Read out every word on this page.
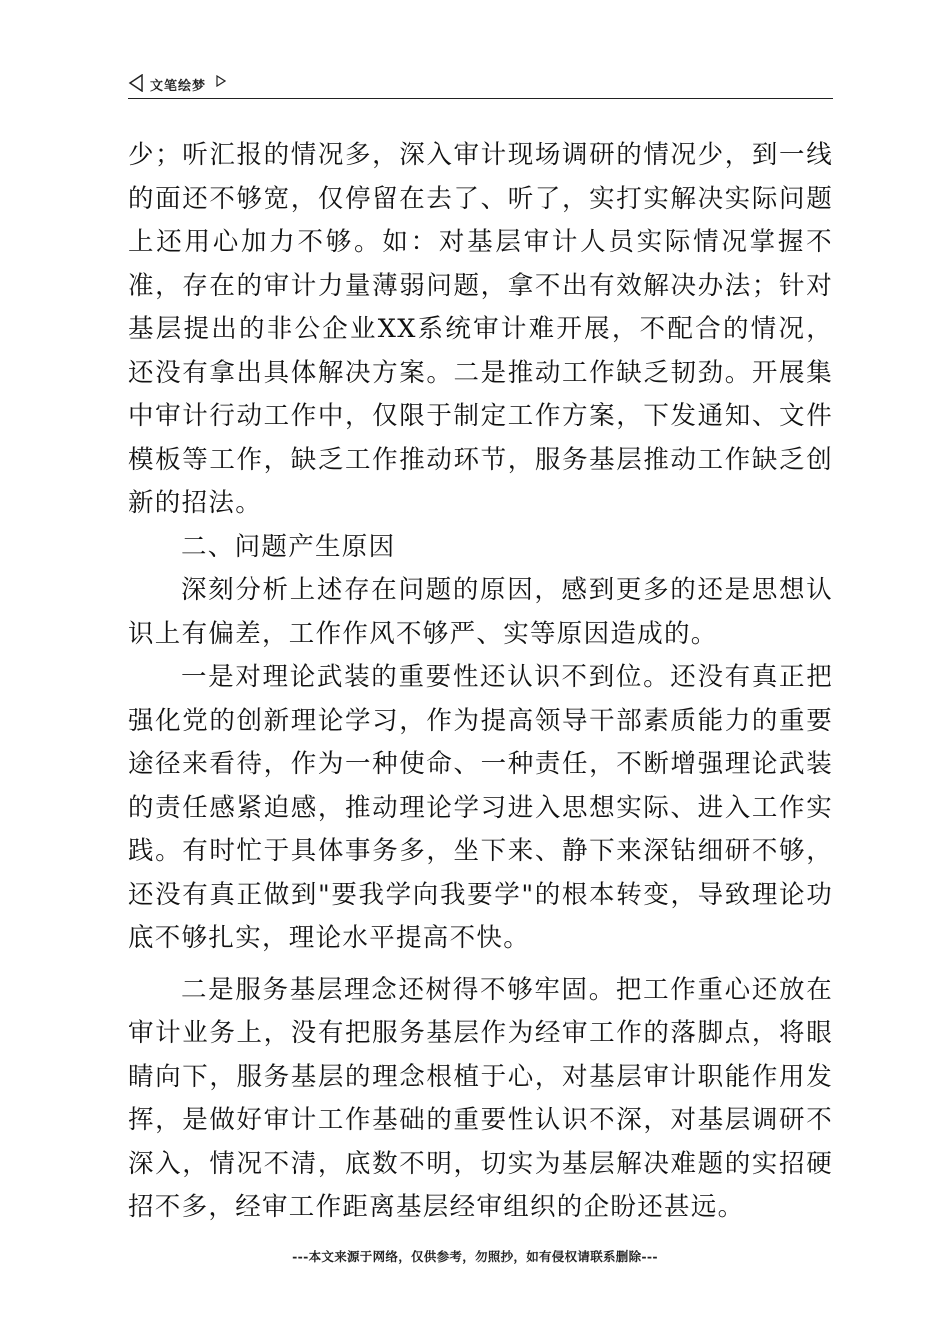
文笔绘梦

少；听汇报的情况多，深入审计现场调研的情况少，到一线的面还不够宽，仅停留在去了、听了，实打实解决实际问题上还用心加力不够。如：对基层审计人员实际情况掌握不准，存在的审计力量薄弱问题，拿不出有效解决办法；针对基层提出的非公企业XX系统审计难开展，不配合的情况，还没有拿出具体解决方案。二是推动工作缺乏韧劲。开展集中审计行动工作中，仅限于制定工作方案，下发通知、文件模板等工作，缺乏工作推动环节，服务基层推动工作缺乏创新的招法。

二、问题产生原因

深刻分析上述存在问题的原因，感到更多的还是思想认识上有偏差，工作作风不够严、实等原因造成的。

一是对理论武装的重要性还认识不到位。还没有真正把强化党的创新理论学习，作为提高领导干部素质能力的重要途径来看待，作为一种使命、一种责任，不断增强理论武装的责任感紧迫感，推动理论学习进入思想实际、进入工作实践。有时忙于具体事务多，坐下来、静下来深钻细研不够，还没有真正做到"要我学向我要学"的根本转变，导致理论功底不够扎实，理论水平提高不快。

二是服务基层理念还树得不够牢固。把工作重心还放在审计业务上，没有把服务基层作为经审工作的落脚点，将眼睛向下，服务基层的理念根植于心，对基层审计职能作用发挥，是做好审计工作基础的重要性认识不深，对基层调研不深入，情况不清，底数不明，切实为基层解决难题的实招硬招不多，经审工作距离基层经审组织的企盼还甚远。

---本文来源于网络，仅供参考，勿照抄，如有侵权请联系删除---
